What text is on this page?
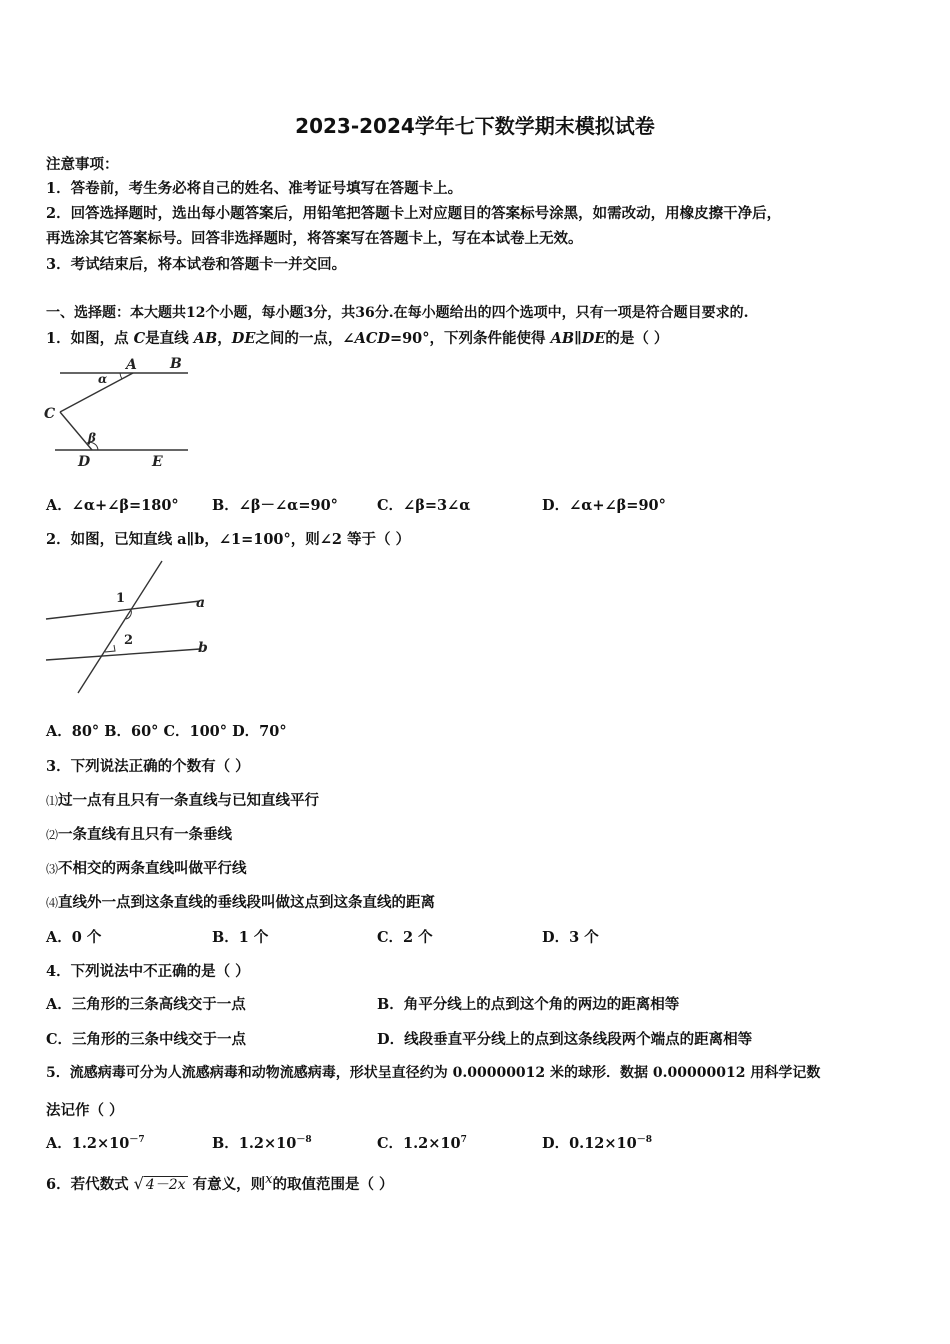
2023-2024学年七下数学期末模拟试卷
注意事项：
1．答卷前，考生务必将自己的姓名、准考证号填写在答题卡上。
2．回答选择题时，选出每小题答案后，用铅笔把答题卡上对应题目的答案标号涂黑，如需改动，用橡皮擦干净后，
再选涂其它答案标号。回答非选择题时，将答案写在答题卡上，写在本试卷上无效。
3．考试结束后，将本试卷和答题卡一并交回。
一、选择题：本大题共12个小题，每小题3分，共36分.在每小题给出的四个选项中，只有一项是符合题目要求的.
1．如图，点 C是直线 AB，DE之间的一点，∠ACD=90°，下列条件能使得 AB∥DE的是（ ）
A B
C
D	E
α
β
A．∠α+∠β=180° B．∠β－∠α=90°	C．∠β=3∠α	D．∠α+∠β=90°
2．如图，已知直线 a∥b，∠1=100°，则∠2 等于（ ）
1
2
a
b
A．80° B．60° C．100° D．70°
3．下列说法正确的个数有（ ）
⑴过一点有且只有一条直线与已知直线平行
⑵一条直线有且只有一条垂线
⑶不相交的两条直线叫做平行线
⑷直线外一点到这条直线的垂线段叫做这点到这条直线的距离
A．0 个	B．1 个	C．2 个	D．3 个
4．下列说法中不正确的是（ ）
A．三角形的三条高线交于一点	B．角平分线上的点到这个角的两边的距离相等
C．三角形的三条中线交于一点	D．线段垂直平分线上的点到这条线段两个端点的距离相等
5．流感病毒可分为人流感病毒和动物流感病毒，形状呈直径约为 0.00000012 米的球形．数据 0.00000012 用科学记数
法记作（ ）
A．$1.2\times 10^{-7}$	B．$1.2\times 10^{-8}$	C．$1.2\times 10^7$	D．$0.12\times 10^{-8}$
6．若代数式 √ 4－2x 有意义，则x的取值范围是（ ）
